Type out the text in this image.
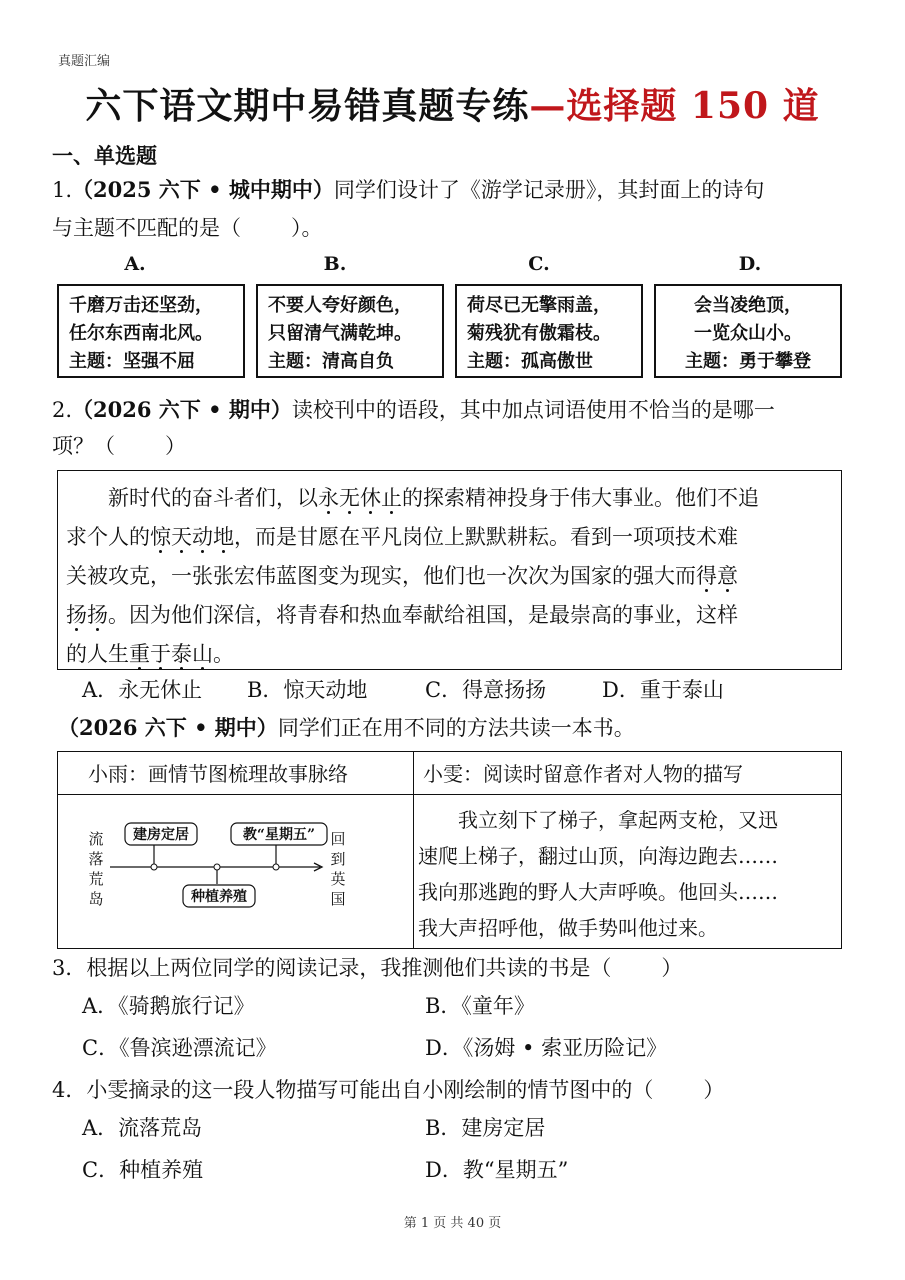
真题汇编
六下语文期中易错真题专练—选择题 150 道
一、单选题
1.（2025 六下 • 城中期中）同学们设计了《游学记录册》，其封面上的诗句
与主题不匹配的是（ ）。
A.	B.	C.	D.
千磨万击还坚劲，
任尔东西南北风。
主题：坚强不屈
不要人夸好颜色，
只留清气满乾坤。
主题：清高自负
荷尽已无擎雨盖，
菊残犹有傲霜枝。
主题：孤高傲世
会当凌绝顶，
一览众山小。
主题：勇于攀登
2.（2026 六下 • 期中）读校刊中的语段，其中加点词语使用不恰当的是哪一
项？（ ）

新时代的奋斗者们，以永无休止的探索精神投身于伟大事业。他们不追

求个人的惊天动地，而是甘愿在平凡岗位上默默耕耘。看到一项项技术难

关被攻克，一张张宏伟蓝图变为现实，他们也一次次为国家的强大而得意

扬扬。因为他们深信，将青春和热血奉献给祖国，是最崇高的事业，这样

的人生重于泰山。

A．永无休止 B．惊天动地	C．得意扬扬	D．重于泰山
（2026 六下 • 期中）同学们正在用不同的方法共读一本书。
小雨：画情节图梳理故事脉络	小雯：阅读时留意作者对人物的描写
流
落
荒
岛
回
到
英
国
建房定居	教“星期五”
种植养殖
我立刻下了梯子，拿起两支枪，又迅
速爬上梯子，翻过山顶，向海边跑去……
我向那逃跑的野人大声呼唤。他回头……
我大声招呼他，做手势叫他过来。
3．根据以上两位同学的阅读记录，我推测他们共读的书是（ ）
A．《骑鹅旅行记》	B．《童年》
C．《鲁滨逊漂流记》	D．《汤姆 • 索亚历险记》
4．小雯摘录的这一段人物描写可能出自小刚绘制的情节图中的（ ）
A．流落荒岛	B．建房定居
C．种植养殖	D．教“星期五”
第 1 页 共 40 页
